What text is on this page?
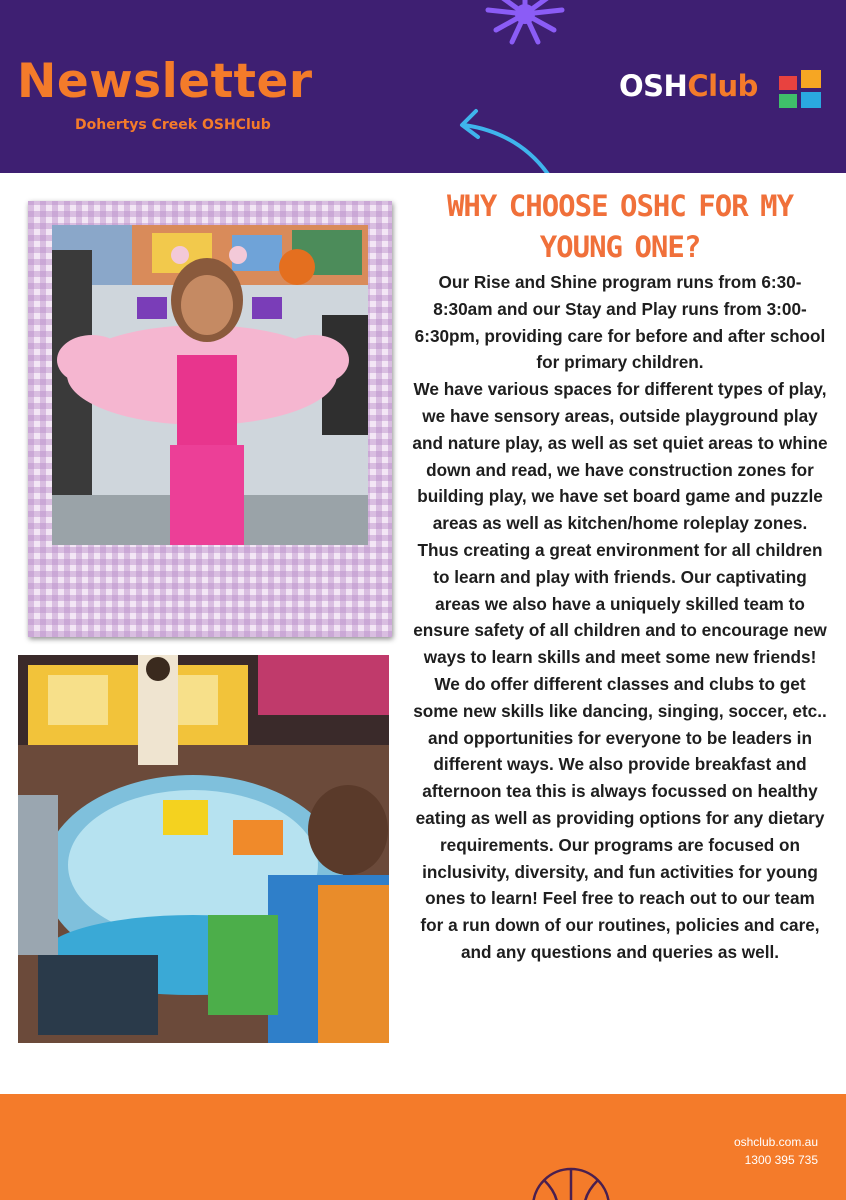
Newsletter
Dohertys Creek OSHClub
OSHClub
WHY CHOOSE OSHC FOR MY
YOUNG ONE?

Our Rise and Shine program runs from 6:30-8:30am and our Stay and Play runs from 3:00-6:30pm, providing care for before and after school for primary children.

We have various spaces for different types of play, we have sensory areas, outside playground play and nature play, as well as set quiet areas to whine down and read, we have construction zones for building play, we have set board game and puzzle areas as well as kitchen/home roleplay zones. Thus creating a great environment for all children to learn and play with friends. Our captivating areas we also have a uniquely skilled team to ensure safety of all children and to encourage new ways to learn skills and meet some new friends! We do offer different classes and clubs to get some new skills like dancing, singing, soccer, etc.. and opportunities for everyone to be leaders in different ways. We also provide breakfast and afternoon tea this is always focussed on healthy eating as well as providing options for any dietary requirements. Our programs are focused on inclusivity, diversity, and fun activities for young ones to learn! Feel free to reach out to our team for a run down of our routines, policies and care, and any questions and queries as well.

oshclub.com.au
1300 395 735
